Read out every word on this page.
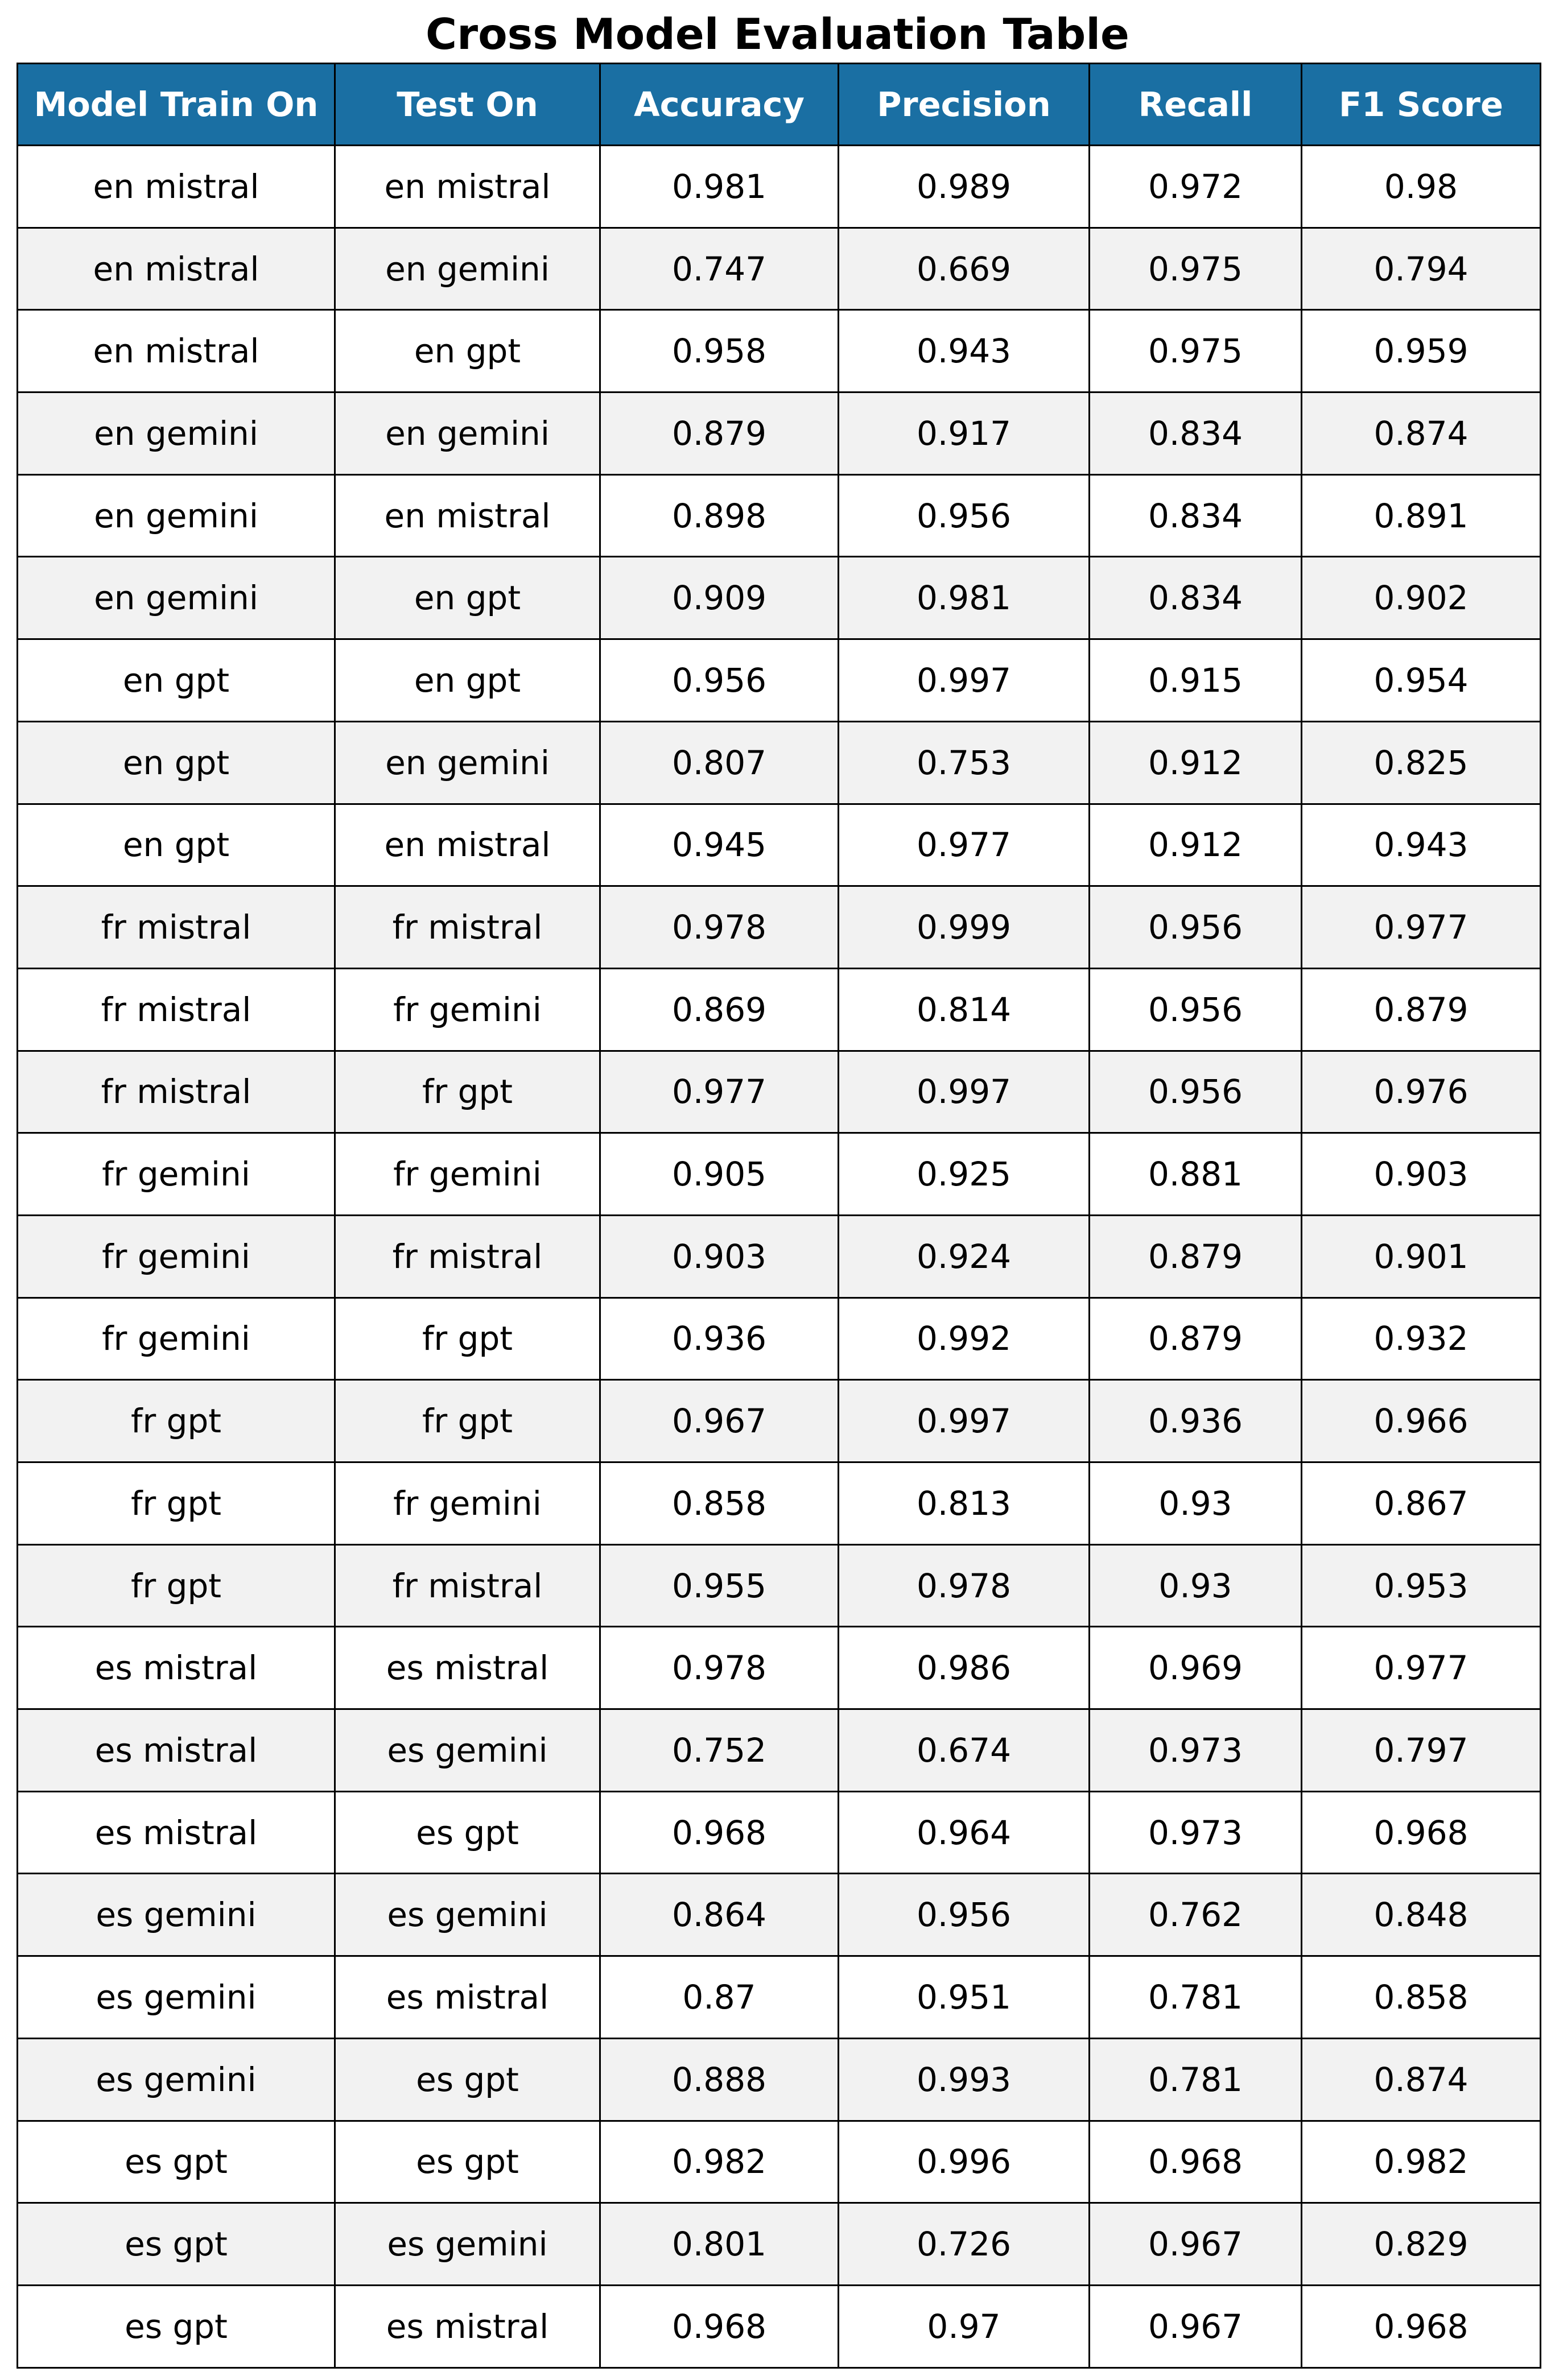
Cross Model Evaluation Table
Model Train On	Test On	Accuracy	Precision	Recall	F1 Score
en mistral	en mistral	0.981	0.989	0.972	0.98
en mistral	en gemini	0.747	0.669	0.975	0.794
en mistral	en gpt	0.958	0.943	0.975	0.959
en gemini	en gemini	0.879	0.917	0.834	0.874
en gemini	en mistral	0.898	0.956	0.834	0.891
en gemini	en gpt	0.909	0.981	0.834	0.902
en gpt	en gpt	0.956	0.997	0.915	0.954
en gpt	en gemini	0.807	0.753	0.912	0.825
en gpt	en mistral	0.945	0.977	0.912	0.943
fr mistral	fr mistral	0.978	0.999	0.956	0.977
fr mistral	fr gemini	0.869	0.814	0.956	0.879
fr mistral	fr gpt	0.977	0.997	0.956	0.976
fr gemini	fr gemini	0.905	0.925	0.881	0.903
fr gemini	fr mistral	0.903	0.924	0.879	0.901
fr gemini	fr gpt	0.936	0.992	0.879	0.932
fr gpt	fr gpt	0.967	0.997	0.936	0.966
fr gpt	fr gemini	0.858	0.813	0.93	0.867
fr gpt	fr mistral	0.955	0.978	0.93	0.953
es mistral	es mistral	0.978	0.986	0.969	0.977
es mistral	es gemini	0.752	0.674	0.973	0.797
es mistral	es gpt	0.968	0.964	0.973	0.968
es gemini	es gemini	0.864	0.956	0.762	0.848
es gemini	es mistral	0.87	0.951	0.781	0.858
es gemini	es gpt	0.888	0.993	0.781	0.874
es gpt	es gpt	0.982	0.996	0.968	0.982
es gpt	es gemini	0.801	0.726	0.967	0.829
es gpt	es mistral	0.968	0.97	0.967	0.968
